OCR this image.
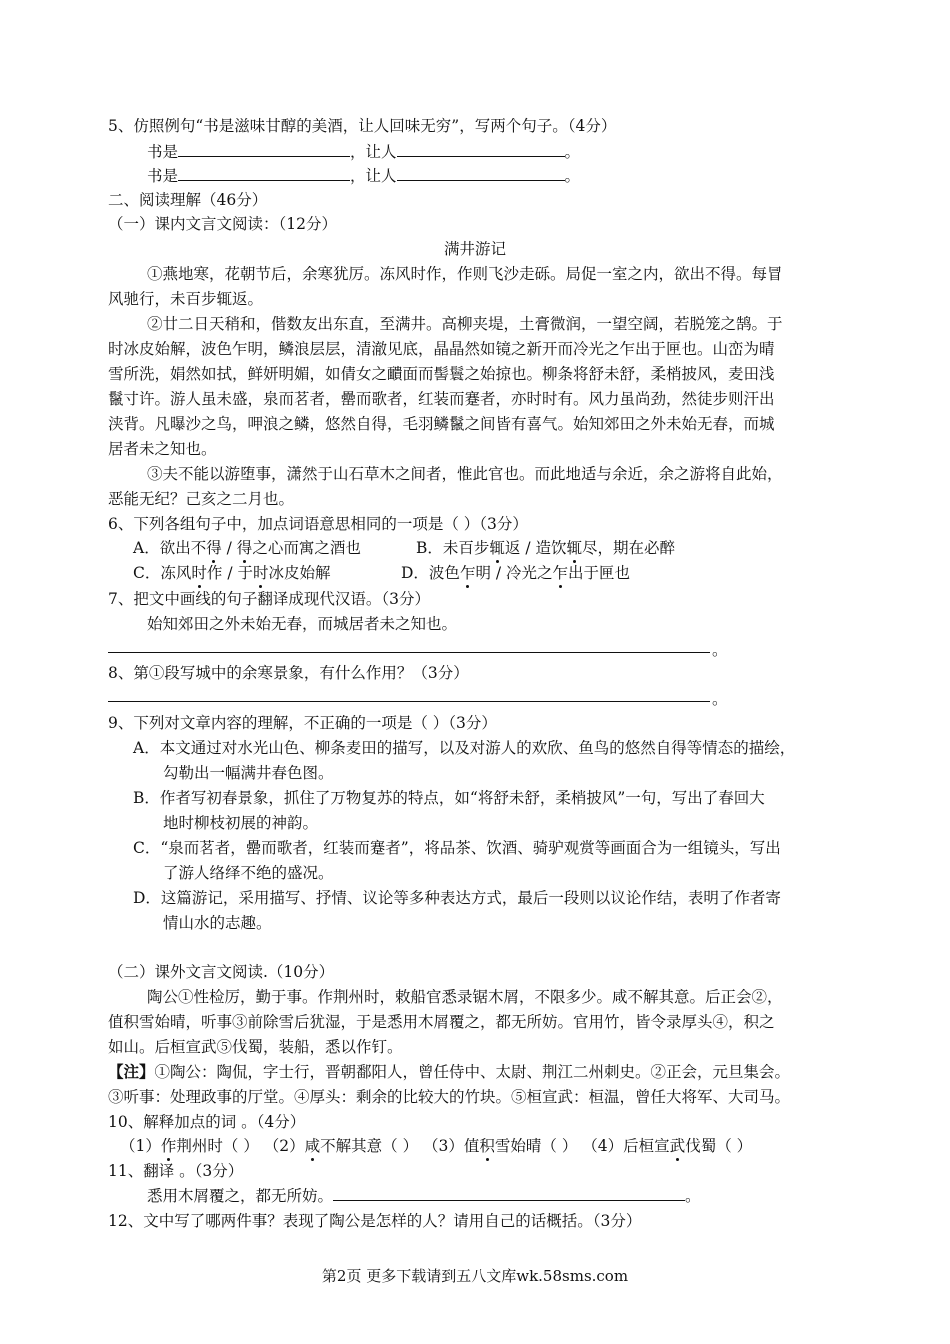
5、仿照例句“书是滋味甘醇的美酒，让人回味无穷”，写两个句子。（4分）
书是	，让人	。
书是	，让人	。
二、阅读理解（46分）
（一）课内文言文阅读：（12分）
满井游记
①燕地寒，花朝节后，余寒犹厉。冻风时作，作则飞沙走砾。局促一室之内，欲出不得。每冒
风驰行，未百步辄返。
②廿二日天稍和，偕数友出东直，至满井。高柳夹堤，土膏微润，一望空阔，若脱笼之鹄。于
时冰皮始解，波色乍明，鳞浪层层，清澈见底，晶晶然如镜之新开而冷光之乍出于匣也。山峦为晴
雪所洗，娟然如拭，鲜妍明媚，如倩女之靧面而髻鬟之始掠也。柳条将舒未舒，柔梢披风，麦田浅
鬣寸许。游人虽未盛，泉而茗者，罍而歌者，红装而蹇者，亦时时有。风力虽尚劲，然徒步则汗出
浃背。凡曝沙之鸟，呷浪之鳞，悠然自得，毛羽鳞鬣之间皆有喜气。始知郊田之外未始无春，而城
居者未之知也。
③夫不能以游堕事，潇然于山石草木之间者，惟此官也。而此地适与余近，余之游将自此始，
恶能无纪？己亥之二月也。
6、下列各组句子中，加点词语意思相同的一项是（ ）（3分）
A．欲出不得 / 得之心而寓之酒也	B．未百步辄返 / 造饮辄尽，期在必醉
C．冻风时作 / 于时冰皮始解	D．波色乍明 / 冷光之乍出于匣也
7、把文中画线的句子翻译成现代汉语。（3分）
始知郊田之外未始无春，而城居者未之知也。
。
8、第①段写城中的余寒景象，有什么作用？（3分）
。
9、下列对文章内容的理解，不正确的一项是（ ）（3分）
A．本文通过对水光山色、柳条麦田的描写，以及对游人的欢欣、鱼鸟的悠然自得等情态的描绘，
勾勒出一幅满井春色图。
B．作者写初春景象，抓住了万物复苏的特点，如“将舒未舒，柔梢披风”一句，写出了春回大
地时柳枝初展的神韵。
C．“泉而茗者，罍而歌者，红装而蹇者”，将品茶、饮酒、骑驴观赏等画面合为一组镜头，写出
了游人络绎不绝的盛况。
D．这篇游记，采用描写、抒情、议论等多种表达方式，最后一段则以议论作结，表明了作者寄
情山水的志趣。
（二）课外文言文阅读.（10分）
陶公①性检厉，勤于事。作荆州时，敕船官悉录锯木屑，不限多少。咸不解其意。后正会②，
值积雪始晴，听事③前除雪后犹湿，于是悉用木屑覆之，都无所妨。官用竹，皆令录厚头④，积之
如山。后桓宣武⑤伐蜀，装船，悉以作钉。
【注】①陶公：陶侃，字士行，晋朝鄱阳人，曾任侍中、太尉、荆江二州刺史。②正会，元旦集会。
③听事：处理政事的厅堂。④厚头：剩余的比较大的竹块。⑤桓宣武：桓温，曾任大将军、大司马。
10、解释加点的词 。（4分）
（1）作荆州时（ ） （2）咸不解其意（ ） （3）值积雪始晴（ ） （4）后桓宣武伐蜀（ ）
11、翻译 。（3分）
悉用木屑覆之，都无所妨。	。
12、文中写了哪两件事？表现了陶公是怎样的人？请用自己的话概括。（3分）
第2页 更多下载请到五八文库wk.58sms.com
